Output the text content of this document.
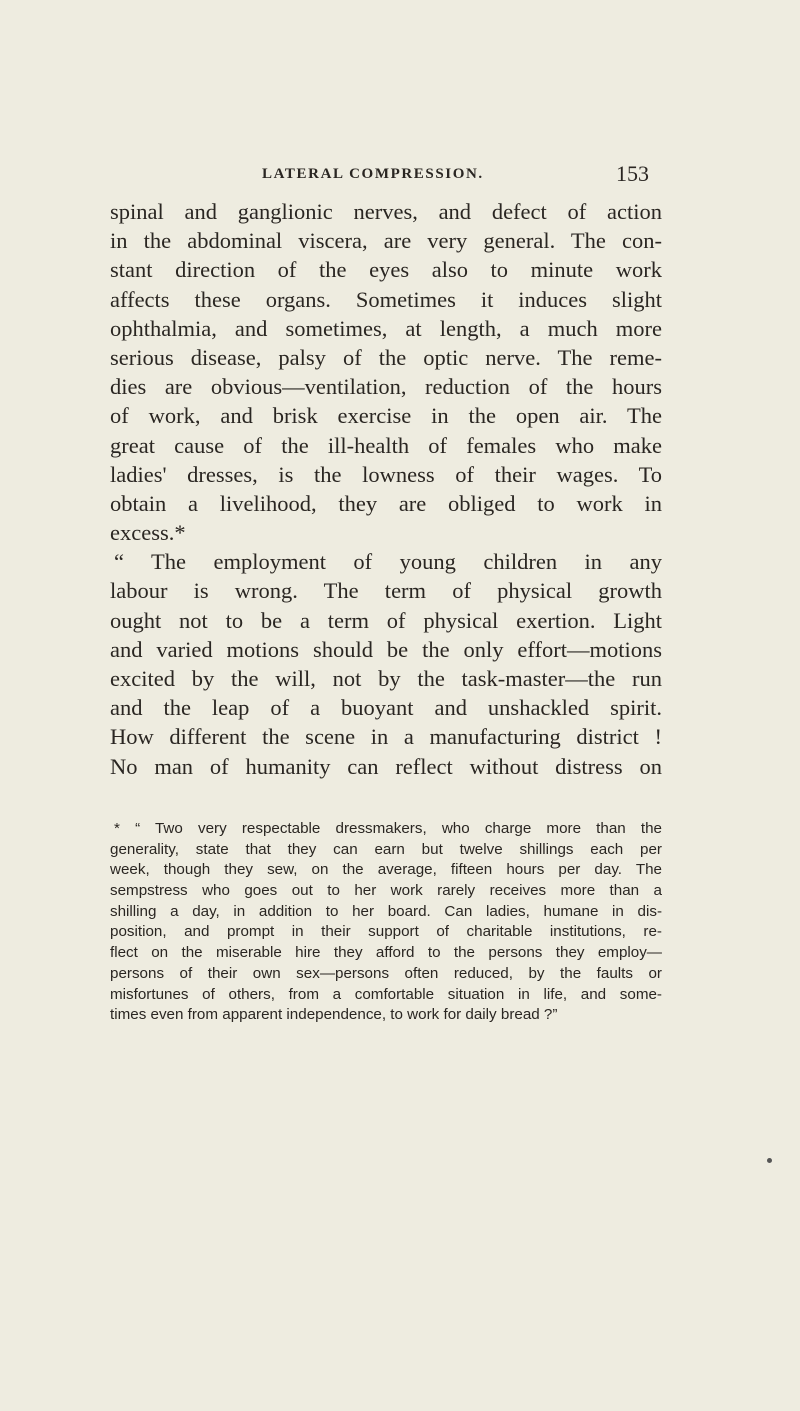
LATERAL COMPRESSION.	153
spinal and ganglionic nerves, and defect of action
in the abdominal viscera, are very general. The con-
stant direction of the eyes also to minute work
affects these organs. Sometimes it induces slight
ophthalmia, and sometimes, at length, a much more
serious disease, palsy of the optic nerve. The reme-
dies are obvious—ventilation, reduction of the hours
of work, and brisk exercise in the open air. The
great cause of the ill-health of females who make
ladies' dresses, is the lowness of their wages. To
obtain a livelihood, they are obliged to work in
excess.*
“ The employment of young children in any
labour is wrong. The term of physical growth
ought not to be a term of physical exertion. Light
and varied motions should be the only effort—motions
excited by the will, not by the task-master—the run
and the leap of a buoyant and unshackled spirit.
How different the scene in a manufacturing district !
No man of humanity can reflect without distress on
* “ Two very respectable dressmakers, who charge more than the
generality, state that they can earn but twelve shillings each per
week, though they sew, on the average, fifteen hours per day. The
sempstress who goes out to her work rarely receives more than a
shilling a day, in addition to her board. Can ladies, humane in dis-
position, and prompt in their support of charitable institutions, re-
flect on the miserable hire they afford to the persons they employ—
persons of their own sex—persons often reduced, by the faults or
misfortunes of others, from a comfortable situation in life, and some-
times even from apparent independence, to work for daily bread ?”
